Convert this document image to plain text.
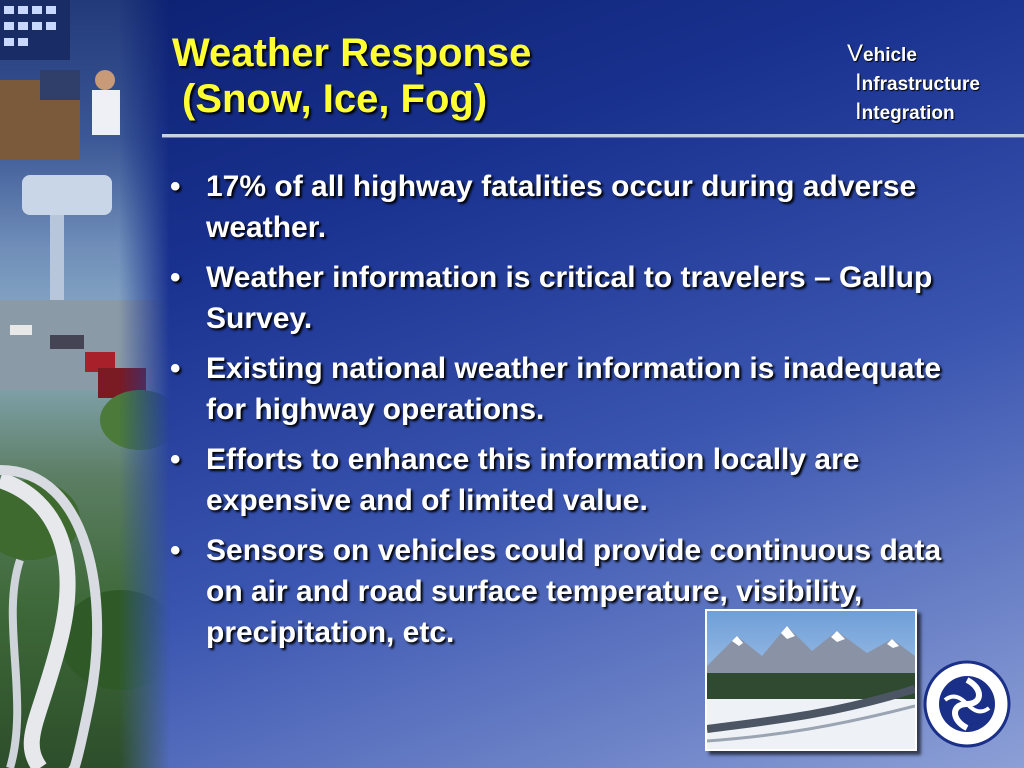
Weather Response
(Snow, Ice, Fog)
Vehicle
Infrastructure
Integration
• 17% of all highway fatalities occur during adverse weather.
• Weather information is critical to travelers – Gallup Survey.
• Existing national weather information is inadequate for highway operations.
• Efforts to enhance this information locally are expensive and of limited value.
• Sensors on vehicles could provide continuous data on air and road surface temperature, visibility, precipitation, etc.
